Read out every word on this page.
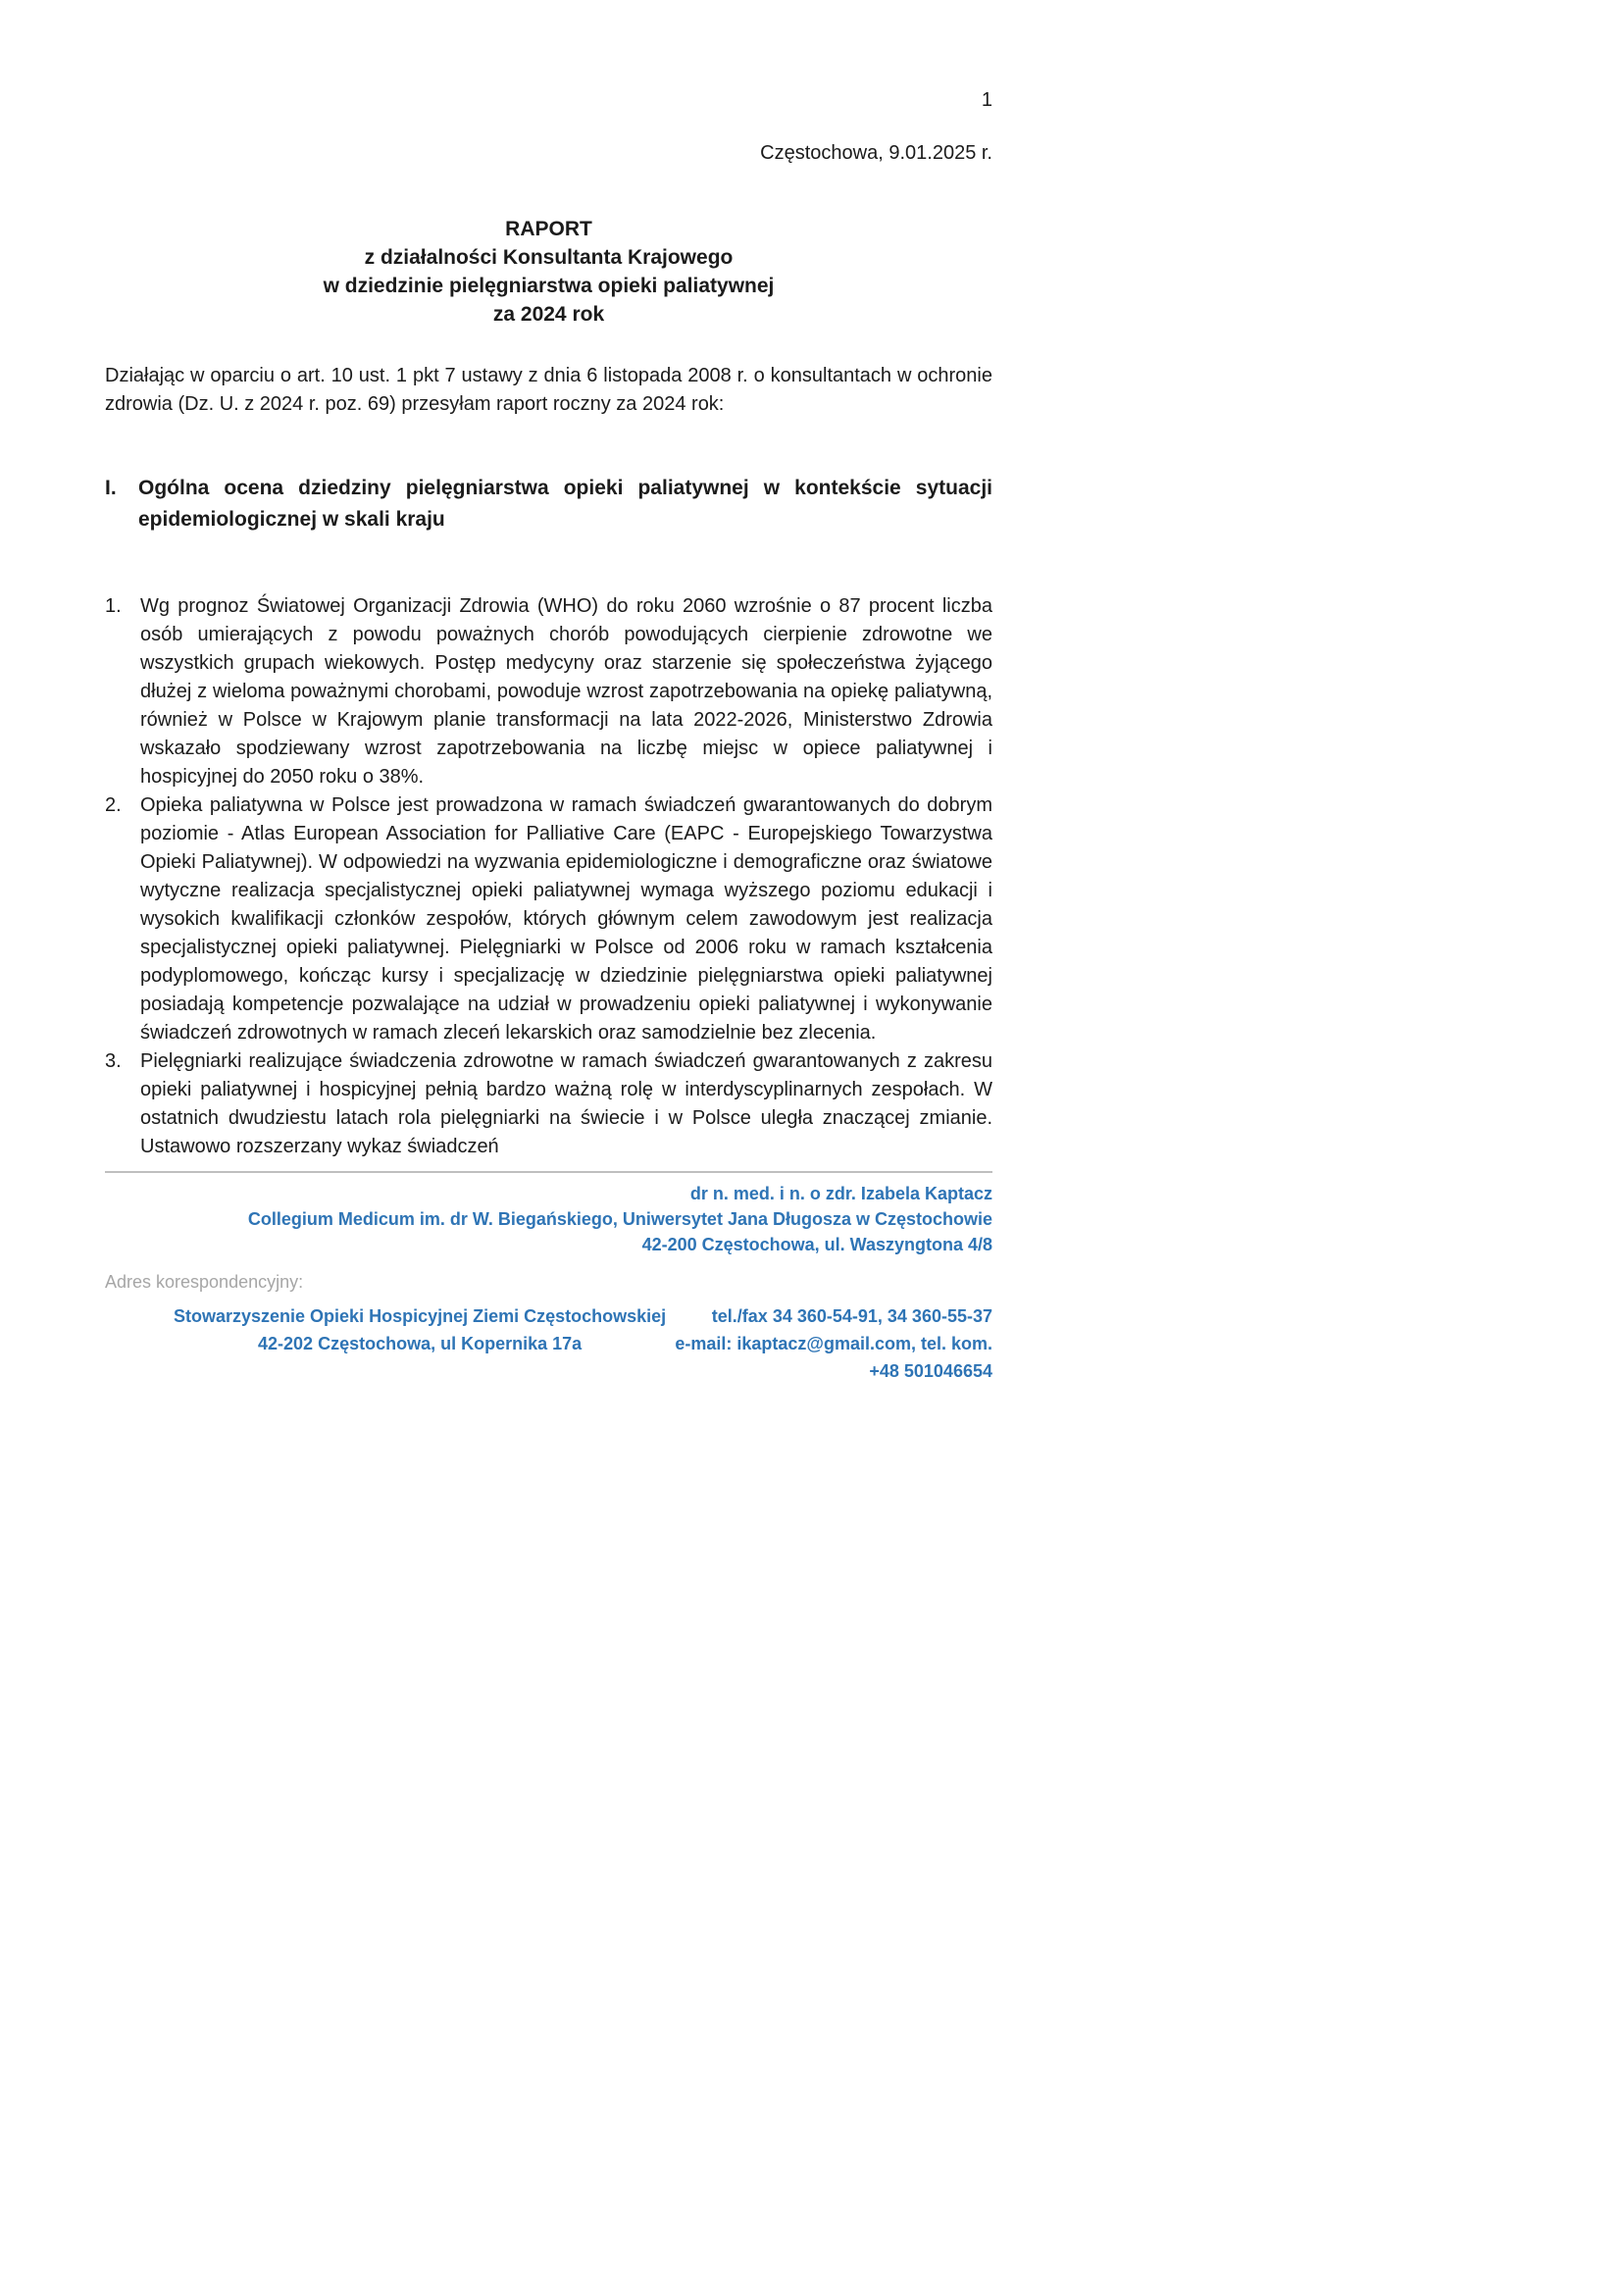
1
Częstochowa, 9.01.2025 r.
RAPORT
z działalności Konsultanta Krajowego
w dziedzinie pielęgniarstwa opieki paliatywnej
za 2024 rok

Działając w oparciu o art. 10 ust. 1 pkt 7 ustawy z dnia 6 listopada 2008 r. o konsultantach w ochronie zdrowia (Dz. U. z 2024 r. poz. 69) przesyłam raport roczny za 2024 rok:

I.	Ogólna ocena dziedziny pielęgniarstwa opieki paliatywnej w kontekście sytuacji epidemiologicznej w skali kraju
1. Wg prognoz Światowej Organizacji Zdrowia (WHO) do roku 2060 wzrośnie o 87 procent liczba osób umierających z powodu poważnych chorób powodujących cierpienie zdrowotne we wszystkich grupach wiekowych. Postęp medycyny oraz starzenie się społeczeństwa żyjącego dłużej z wieloma poważnymi chorobami, powoduje wzrost zapotrzebowania na opiekę paliatywną, również w Polsce w Krajowym planie transformacji na lata 2022-2026, Ministerstwo Zdrowia wskazało spodziewany wzrost zapotrzebowania na liczbę miejsc w opiece paliatywnej i hospicyjnej do 2050 roku o 38%.
2. Opieka paliatywna w Polsce jest prowadzona w ramach świadczeń gwarantowanych do dobrym poziomie - Atlas European Association for Palliative Care (EAPC - Europejskiego Towarzystwa Opieki Paliatywnej). W odpowiedzi na wyzwania epidemiologiczne i demograficzne oraz światowe wytyczne realizacja specjalistycznej opieki paliatywnej wymaga wyższego poziomu edukacji i wysokich kwalifikacji członków zespołów, których głównym celem zawodowym jest realizacja specjalistycznej opieki paliatywnej. Pielęgniarki w Polsce od 2006 roku w ramach kształcenia podyplomowego, kończąc kursy i specjalizację w dziedzinie pielęgniarstwa opieki paliatywnej posiadają kompetencje pozwalające na udział w prowadzeniu opieki paliatywnej i wykonywanie świadczeń zdrowotnych w ramach zleceń lekarskich oraz samodzielnie bez zlecenia.
3. Pielęgniarki realizujące świadczenia zdrowotne w ramach świadczeń gwarantowanych z zakresu opieki paliatywnej i hospicyjnej pełnią bardzo ważną rolę w interdyscyplinarnych zespołach. W ostatnich dwudziestu latach rola pielęgniarki na świecie i w Polsce uległa znaczącej zmianie. Ustawowo rozszerzany wykaz świadczeń
dr n. med. i n. o zdr. Izabela Kaptacz
Collegium Medicum im. dr W. Biegańskiego, Uniwersytet Jana Długosza w Częstochowie
42-200 Częstochowa, ul. Waszyngtona 4/8
Adres korespondencyjny:
Stowarzyszenie Opieki Hospicyjnej Ziemi Częstochowskiej
42-202 Częstochowa, ul Kopernika 17a
tel./fax 34 360-54-91, 34 360-55-37
e-mail: ikaptacz@gmail.com, tel. kom. +48 501046654
